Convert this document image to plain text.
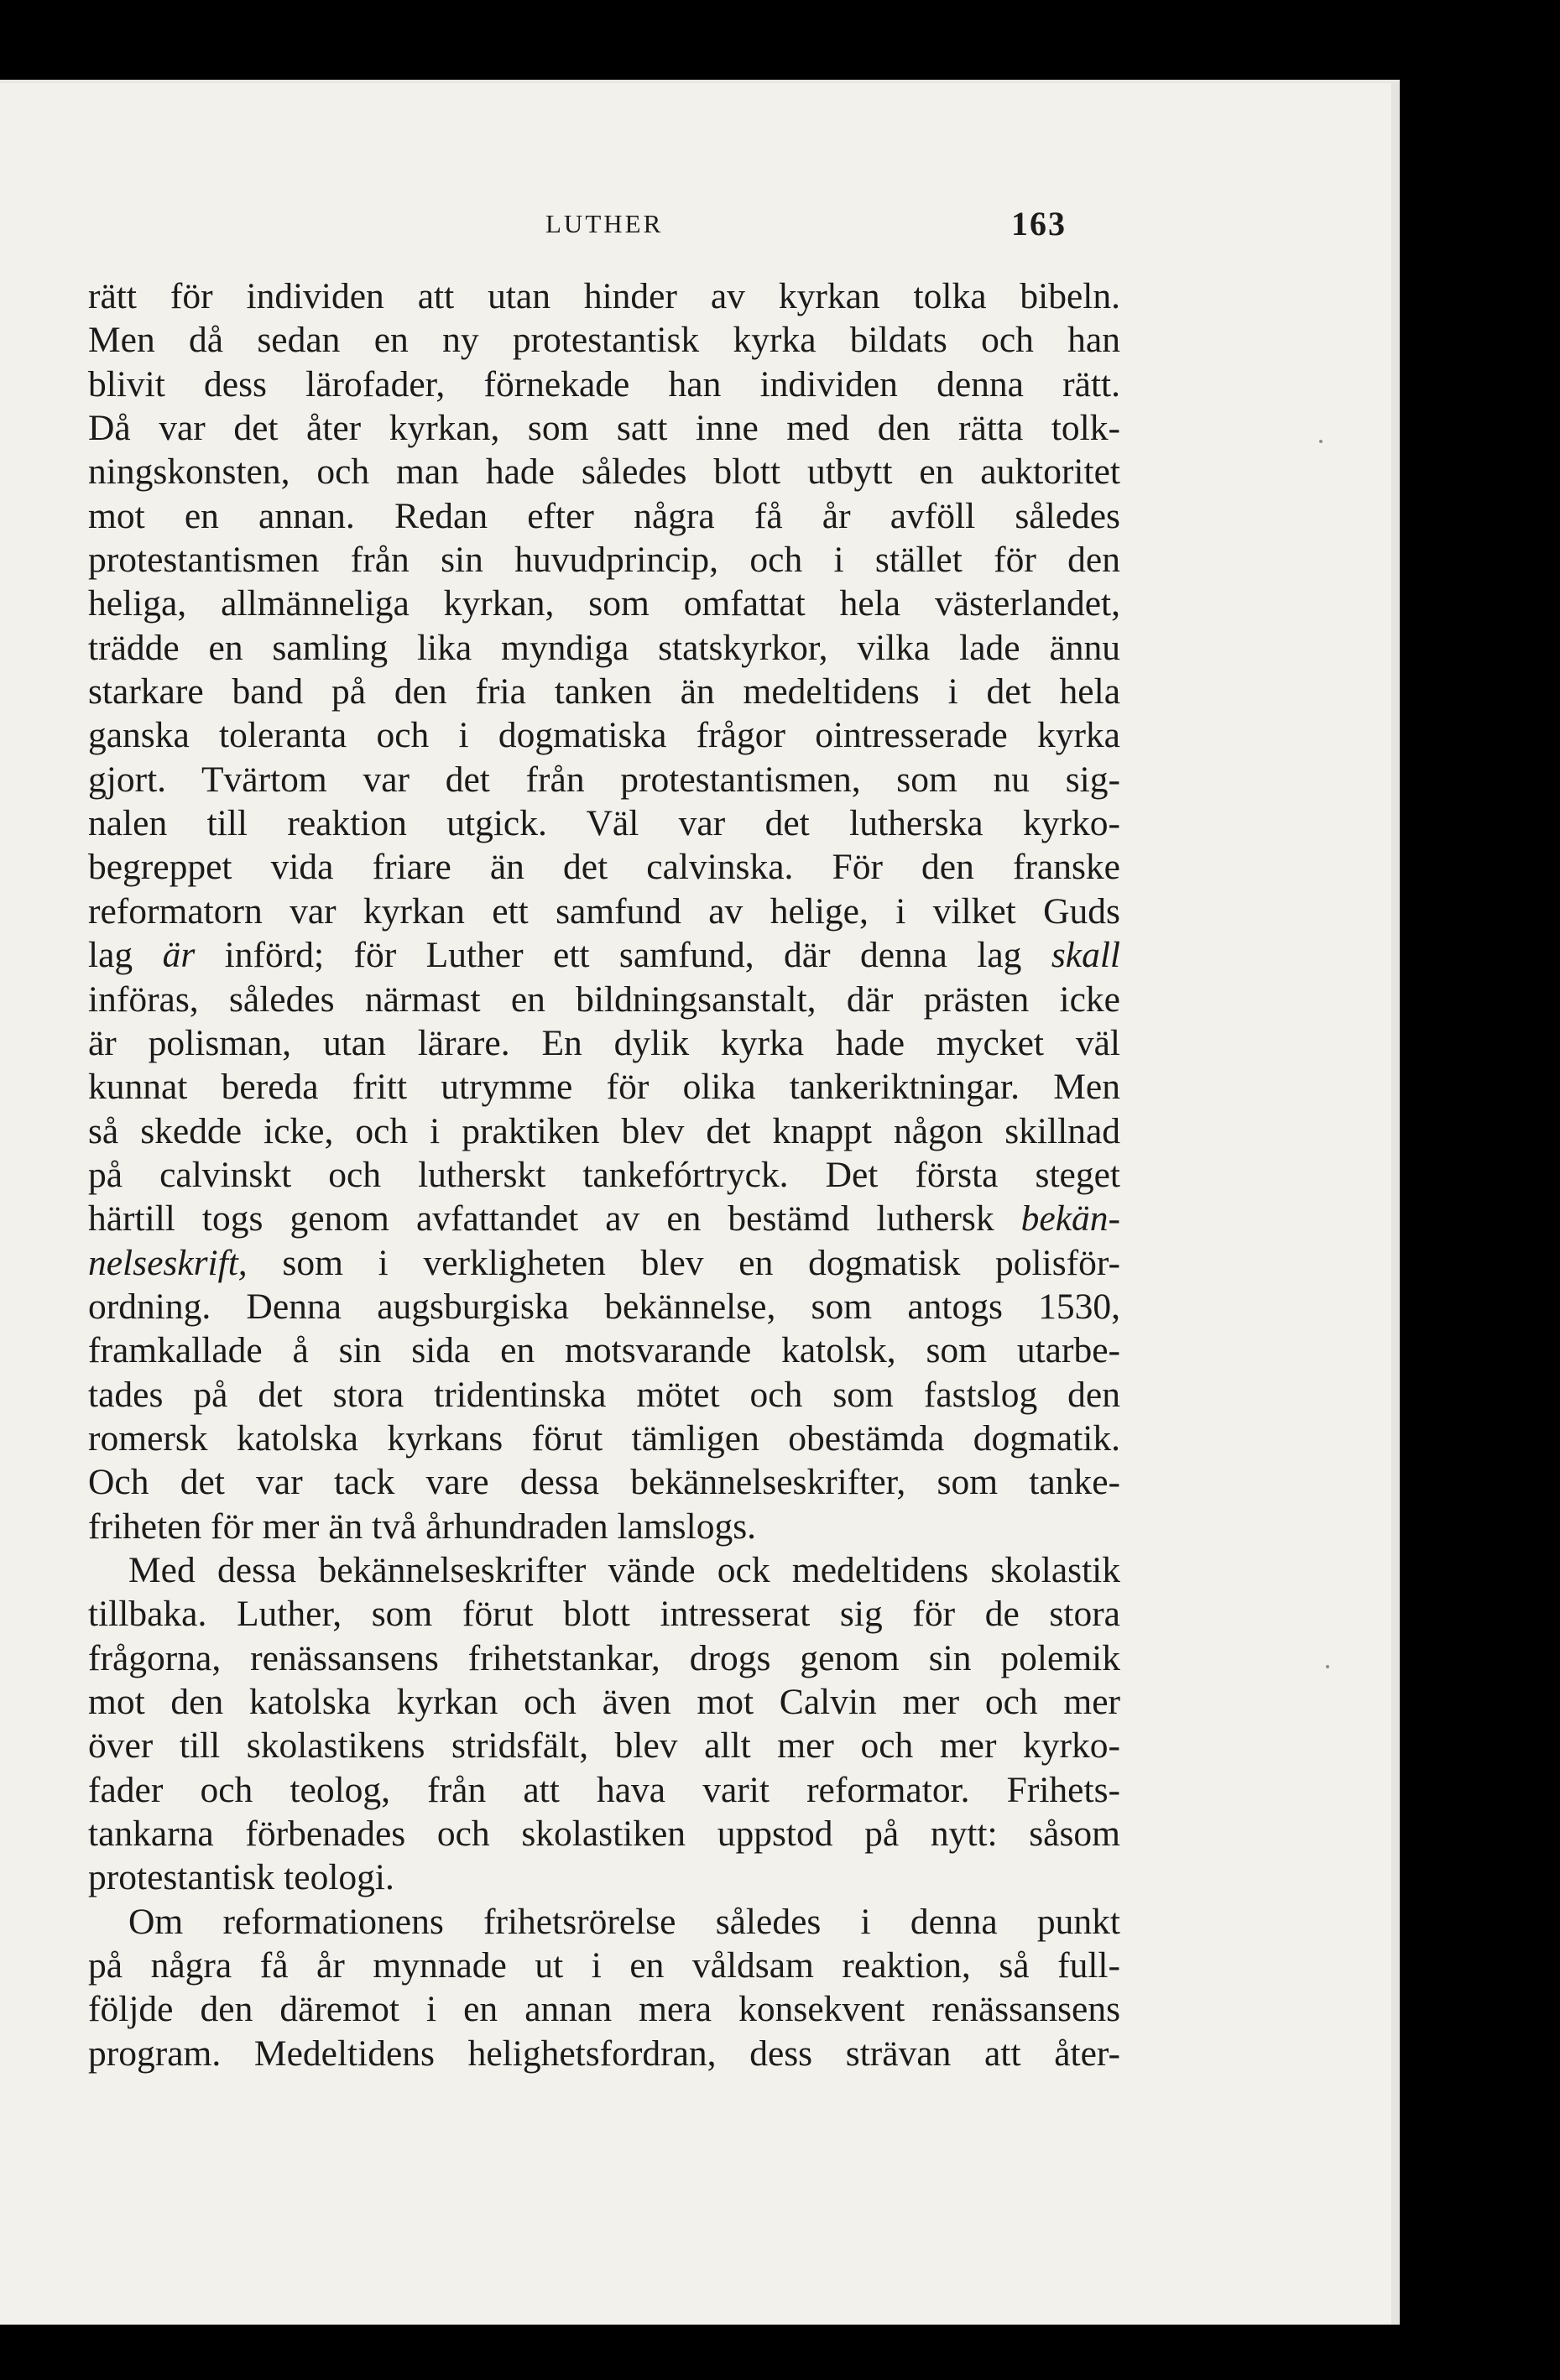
LUTHER	163
rätt för individen att utan hinder av kyrkan tolka bibeln.
Men då sedan en ny protestantisk kyrka bildats och han
blivit dess lärofader, förnekade han individen denna rätt.
Då var det åter kyrkan, som satt inne med den rätta tolk-
ningskonsten, och man hade således blott utbytt en auktoritet
mot en annan. Redan efter några få år avföll således
protestantismen från sin huvudprincip, och i stället för den
heliga, allmänneliga kyrkan, som omfattat hela västerlandet,
trädde en samling lika myndiga statskyrkor, vilka lade ännu
starkare band på den fria tanken än medeltidens i det hela
ganska toleranta och i dogmatiska frågor ointresserade kyrka
gjort. Tvärtom var det från protestantismen, som nu sig-
nalen till reaktion utgick. Väl var det lutherska kyrko-
begreppet vida friare än det calvinska. För den franske
reformatorn var kyrkan ett samfund av helige, i vilket Guds
lag är införd; för Luther ett samfund, där denna lag skall
införas, således närmast en bildningsanstalt, där prästen icke
är polisman, utan lärare. En dylik kyrka hade mycket väl
kunnat bereda fritt utrymme för olika tankeriktningar. Men
så skedde icke, och i praktiken blev det knappt någon skillnad
på calvinskt och lutherskt tankefórtryck. Det första steget
härtill togs genom avfattandet av en bestämd luthersk bekän-
nelseskrift, som i verkligheten blev en dogmatisk polisför-
ordning. Denna augsburgiska bekännelse, som antogs 1530,
framkallade å sin sida en motsvarande katolsk, som utarbe-
tades på det stora tridentinska mötet och som fastslog den
romersk katolska kyrkans förut tämligen obestämda dogmatik.
Och det var tack vare dessa bekännelseskrifter, som tanke-
friheten för mer än två århundraden lamslogs.
Med dessa bekännelseskrifter vände ock medeltidens skolastik
tillbaka. Luther, som förut blott intresserat sig för de stora
frågorna, renässansens frihetstankar, drogs genom sin polemik
mot den katolska kyrkan och även mot Calvin mer och mer
över till skolastikens stridsfält, blev allt mer och mer kyrko-
fader och teolog, från att hava varit reformator. Frihets-
tankarna förbenades och skolastiken uppstod på nytt: såsom
protestantisk teologi.
Om reformationens frihetsrörelse således i denna punkt
på några få år mynnade ut i en våldsam reaktion, så full-
följde den däremot i en annan mera konsekvent renässansens
program. Medeltidens helighetsfordran, dess strävan att åter-
